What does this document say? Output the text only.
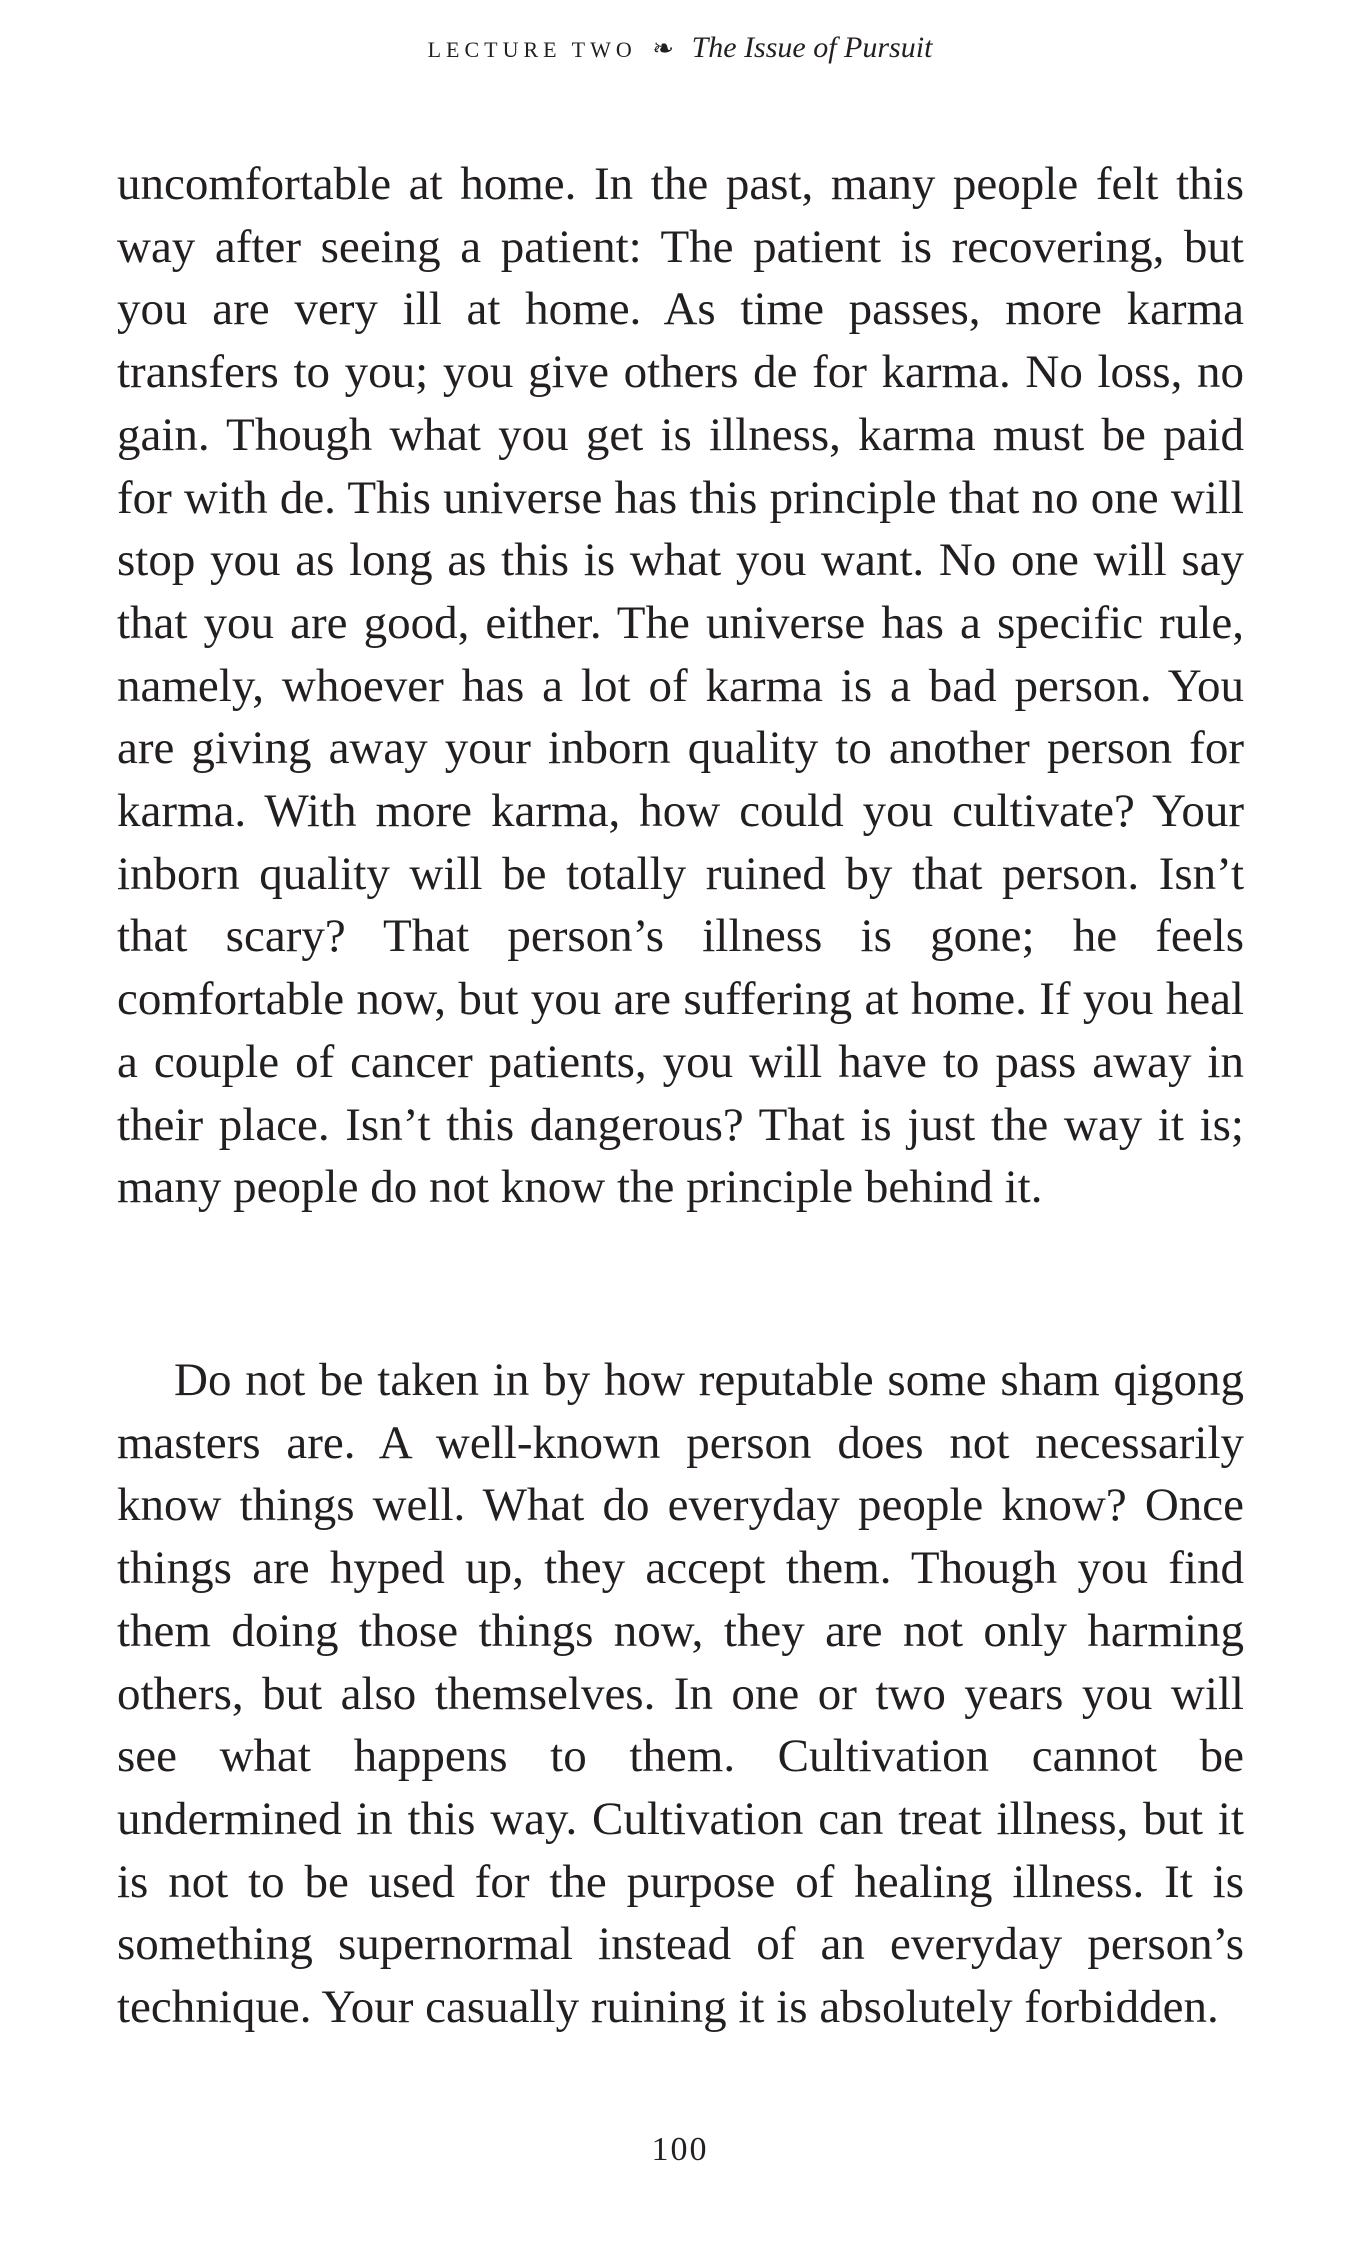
LECTURE TWO ❧ The Issue of Pursuit

uncomfortable at home. In the past, many people felt this way after seeing a patient: The patient is recovering, but you are very ill at home. As time passes, more karma transfers to you; you give others de for karma. No loss, no gain. Though what you get is illness, karma must be paid for with de. This universe has this principle that no one will stop you as long as this is what you want. No one will say that you are good, either. The universe has a specific rule, namely, whoever has a lot of karma is a bad person. You are giving away your inborn quality to another person for karma. With more karma, how could you cultivate? Your inborn quality will be totally ruined by that person. Isn’t that scary? That person’s illness is gone; he feels comfortable now, but you are suffering at home. If you heal a couple of cancer patients, you will have to pass away in their place. Isn’t this dangerous? That is just the way it is; many people do not know the principle behind it.

Do not be taken in by how reputable some sham qigong masters are. A well-known person does not necessarily know things well. What do everyday people know? Once things are hyped up, they accept them. Though you find them doing those things now, they are not only harming others, but also themselves. In one or two years you will see what happens to them. Cultivation cannot be undermined in this way. Cultivation can treat illness, but it is not to be used for the purpose of healing illness. It is something supernormal instead of an everyday person’s technique. Your casually ruining it is absolutely forbidden.

100
